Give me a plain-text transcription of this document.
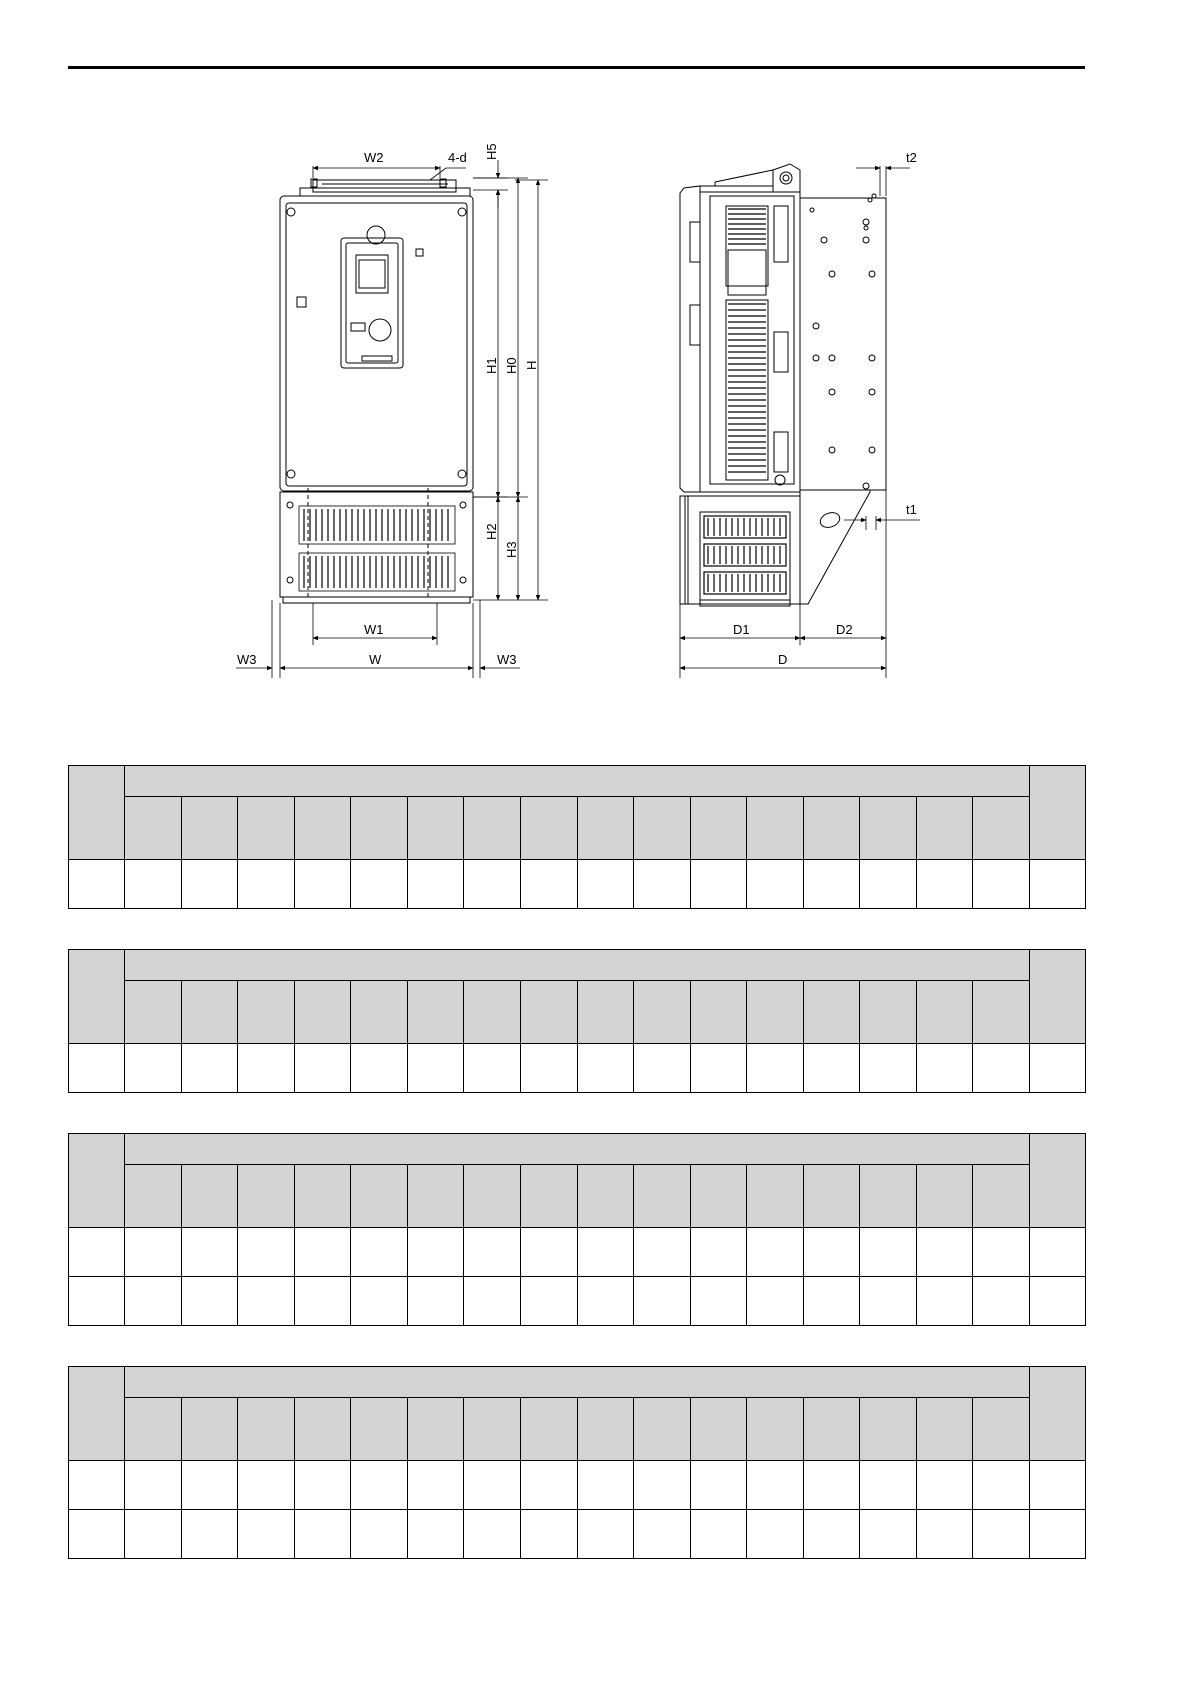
W2	4-d H5
H1 H0 H
H2
H3
W1
W
W3	W3
t2
t1
D1	D2
D
